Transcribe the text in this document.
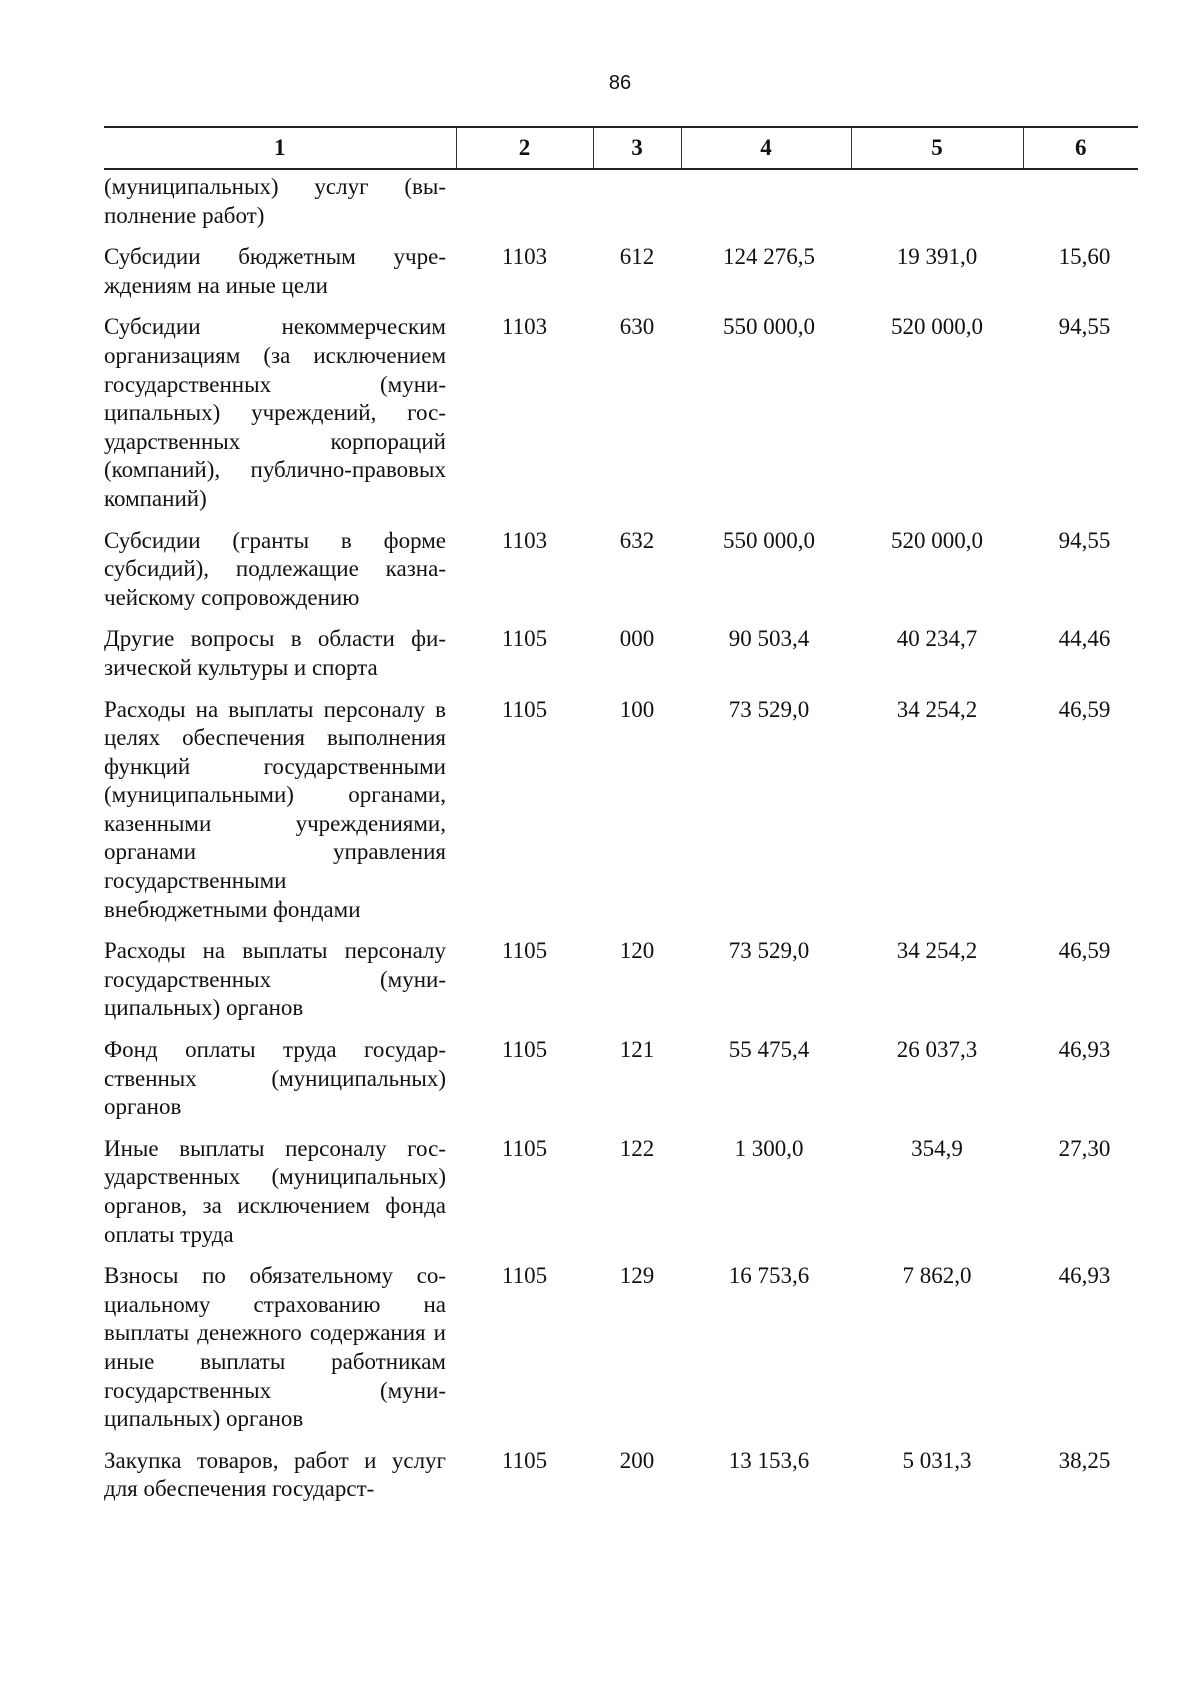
86
1	2	3	4	5	6
(муниципальных) услуг (выполнение работ)					
Субсидии бюджетным учреждениям на иные цели	1103	612	124 276,5	19 391,0	15,60
Субсидии некоммерческим организациям (за исключением государственных (муниципальных) учреждений, государственных корпораций (компаний), публично-правовых компаний)	1103	630	550 000,0	520 000,0	94,55
Субсидии (гранты в форме субсидий), подлежащие казначейскому сопровождению	1103	632	550 000,0	520 000,0	94,55
Другие вопросы в области физической культуры и спорта	1105	000	90 503,4	40 234,7	44,46
Расходы на выплаты персоналу в целях обеспечения выполнения функций государственными (муниципальными) органами, казенными учреждениями, органами управления государственными внебюджетными фондами	1105	100	73 529,0	34 254,2	46,59
Расходы на выплаты персоналу государственных (муниципальных) органов	1105	120	73 529,0	34 254,2	46,59
Фонд оплаты труда государственных (муниципальных) органов	1105	121	55 475,4	26 037,3	46,93
Иные выплаты персоналу государственных (муниципальных) органов, за исключением фонда оплаты труда	1105	122	1 300,0	354,9	27,30
Взносы по обязательному социальному страхованию на выплаты денежного содержания и иные выплаты работникам государственных (муниципальных) органов	1105	129	16 753,6	7 862,0	46,93
Закупка товаров, работ и услуг для обеспечения государст-	1105	200	13 153,6	5 031,3	38,25
